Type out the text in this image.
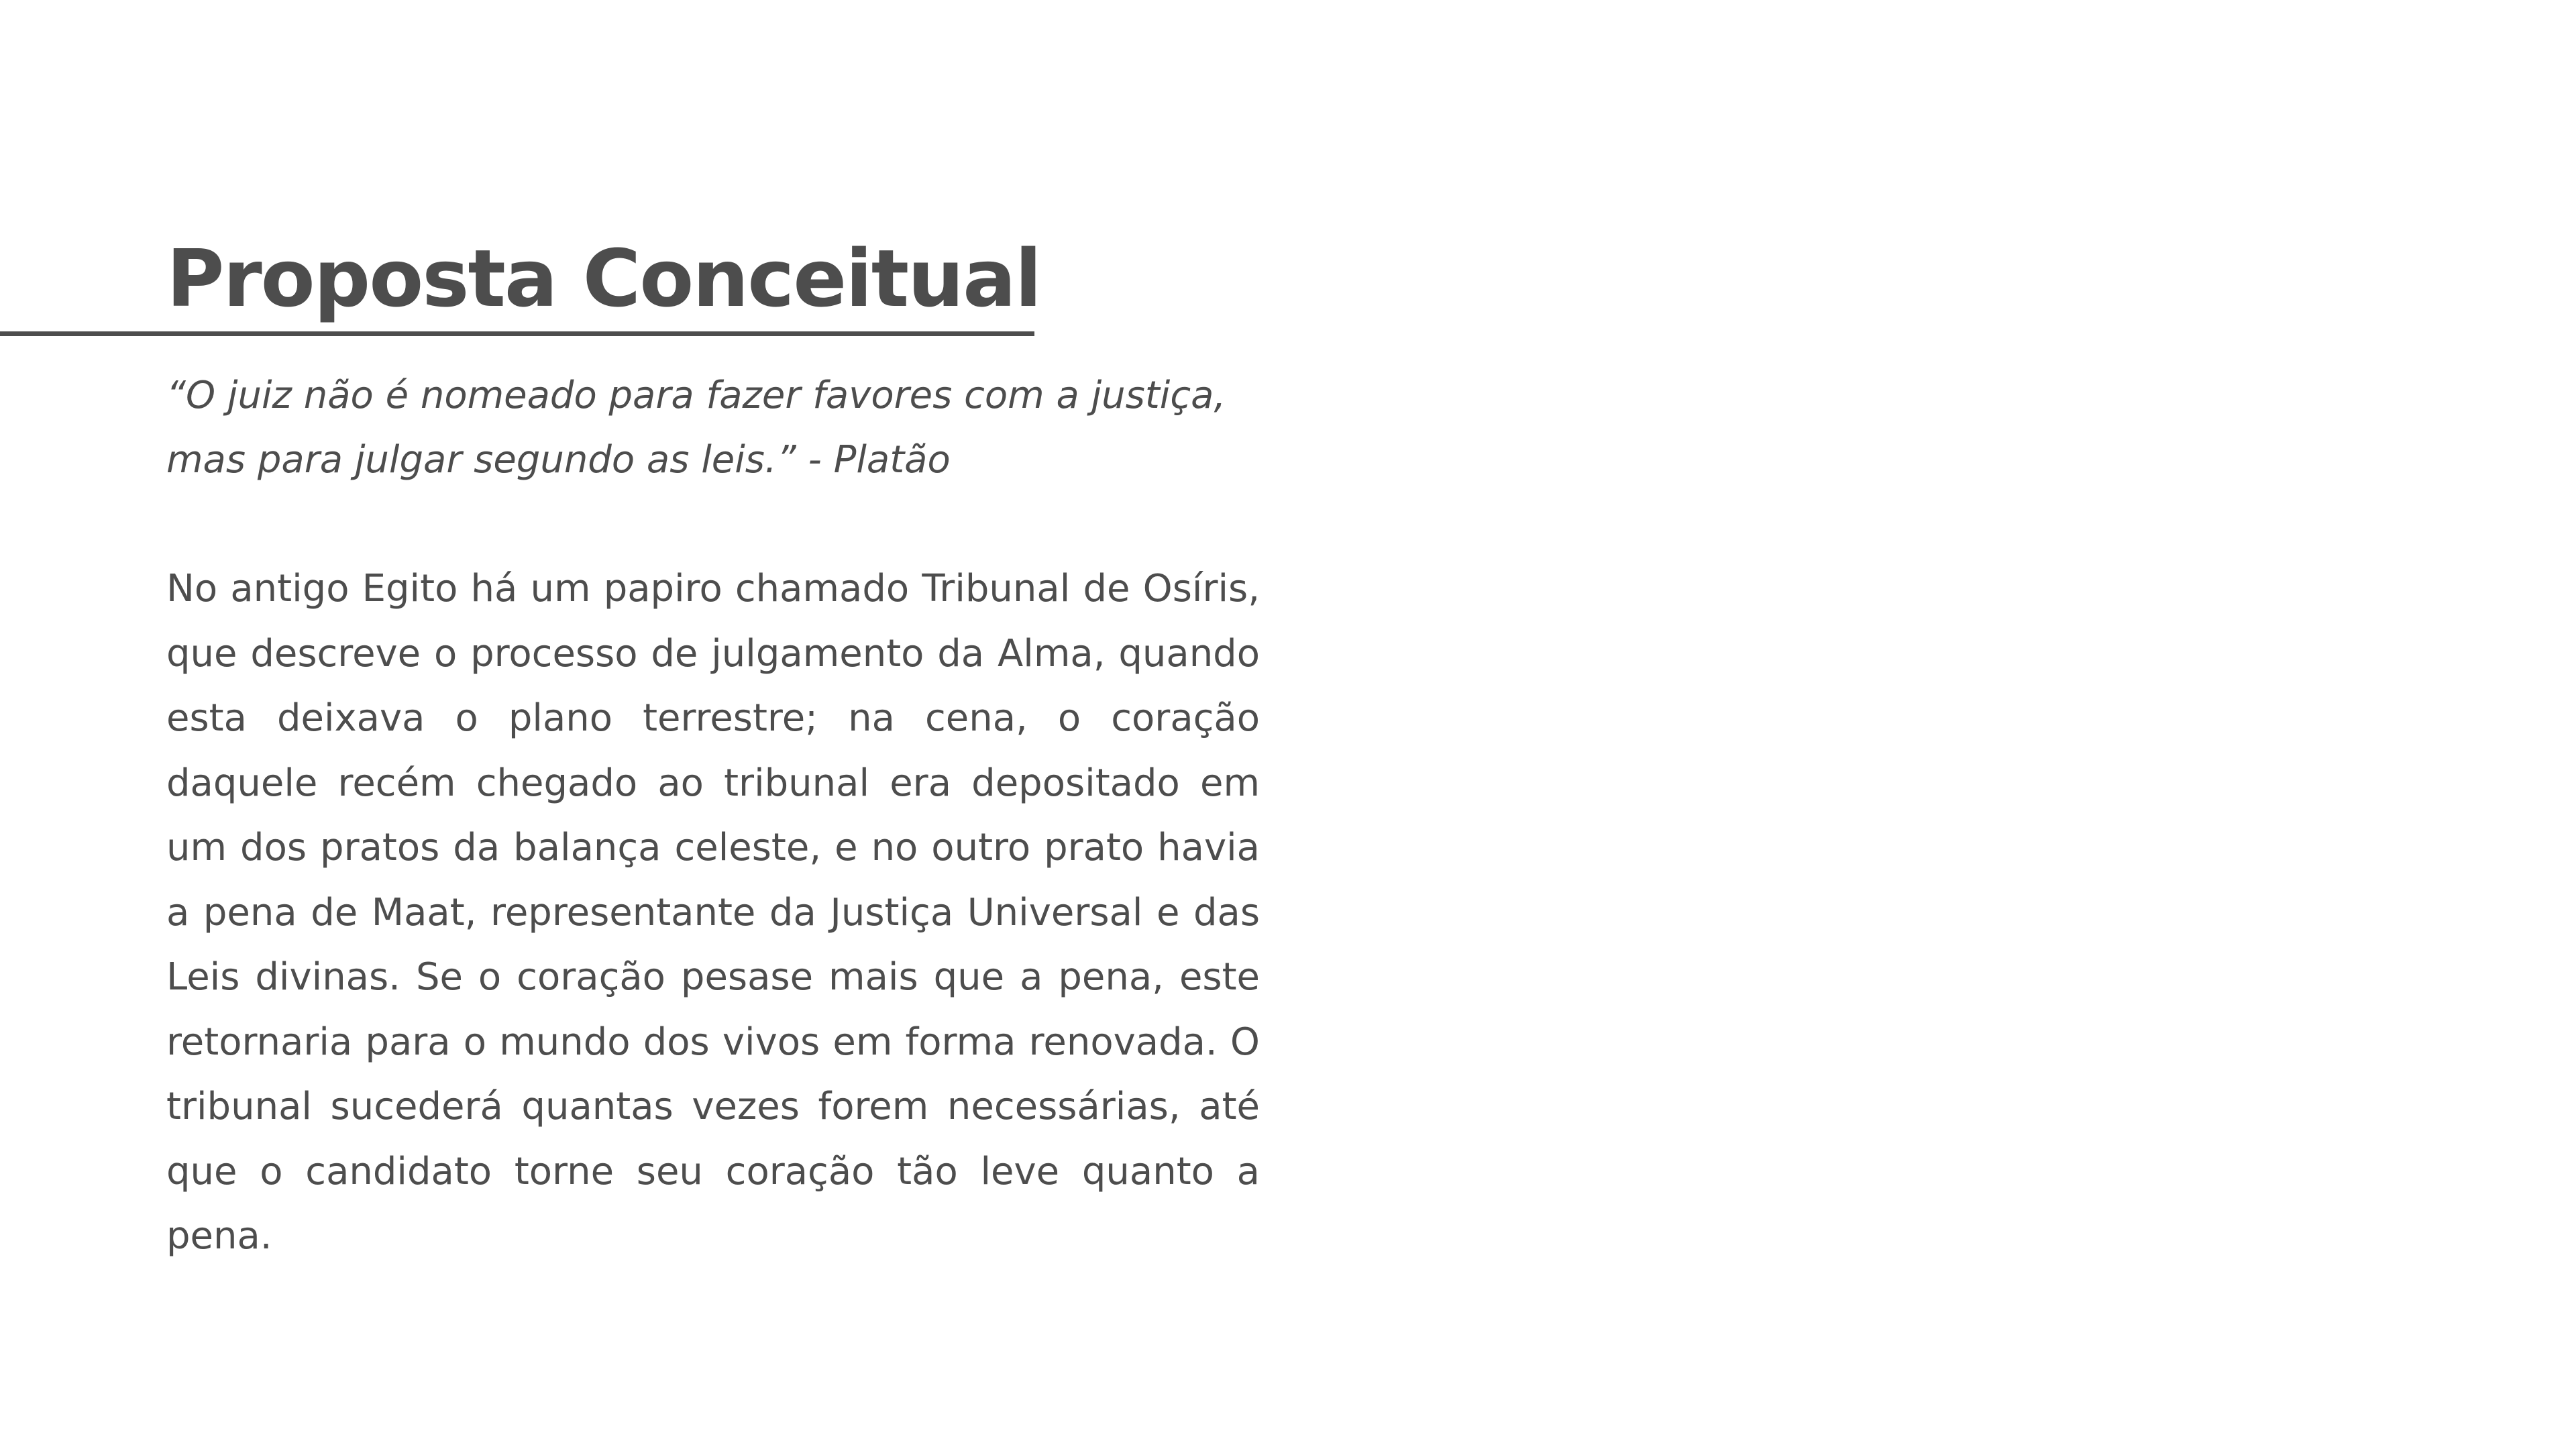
Proposta Conceitual

“O juiz não é nomeado para fazer favores com a justiça, mas para julgar segundo as leis.” - Platão

No antigo Egito há um papiro chamado Tribunal de Osíris, que descreve o processo de julgamento da Alma, quando esta deixava o plano terrestre; na cena, o coração daquele recém chegado ao tribunal era depositado em um dos pratos da balança celeste, e no outro prato havia a pena de Maat, representante da Justiça Universal e das Leis divinas. Se o coração pesase mais que a pena, este retornaria para o mundo dos vivos em forma renovada. O tribunal sucederá quantas vezes forem necessárias, até que o candidato torne seu coração tão leve quanto a pena.
